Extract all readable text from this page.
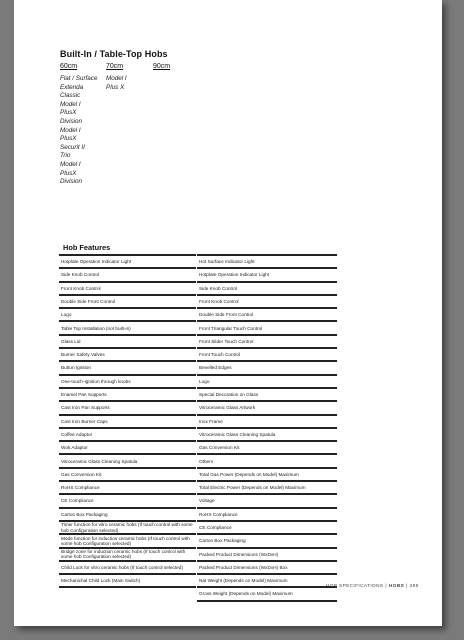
Built-In / Table-Top Hobs
60cm	70cm	90cm
Flat / Surface
Extenda
Classic
Model I
PlusX
Division
Model I
PlusX
Securit II
Trio
Model I
PlusX
Division
Model I
Plus X
Hob Features
Hotplate Operation Indicator Light
Side Knob Control
Front Knob Control
Double Side Front Control
Logo
Table Top Installation (not built-in)
Glass Lid
Burner Safety Valves
Button Ignition
One-touch-Ignition through knobs
Enamel Pan Supports
Cast Iron Pan Supports
Cast Iron Burner Caps
Coffee Adaptor
Wok Adaptor
Vitroceramic Glass Cleaning Spatula
Gas Conversion Kit
RoHS Compliance
CE Compliance
Carton Box Packaging
Timer function for vitro ceramic hobs (If touch control with some hob Configuration selected)
Mode function for induction ceramic hobs (If touch control with some hob Configuration selected)
Bridge zone for induction ceramic hobs (If touch control with some hob Configuration selected)
Child Lock for vitro ceramic hobs (If touch control selected)
Mechanichal Child Lock (Main Switch)
Hot Surface Indicator Light
Hotplate Operation Indicator Light
Side Knob Control
Front Knob Control
Double Side Front Control
Front Triangular Touch Control
Front Slider Touch Control
Front Touch Control
Bevelled Edges
Logo
Special Decoration on Glass
Vitroceramic Glass Artwork
Inox Frame
Vitroceramic Glass Cleaning Spatula
Gas Conversion Kit
Others
Total Gas Power (Depends on Model) Maximum
Total Electric Power (Depends on Model) Maximum
Voltage
RoHS Compliance
CE Compliance
Carton Box Packaging
Packed Product Dimensions (WxDxH)
Packed Product Dimensions (WxDxH) Box
Nat Weight (Depends on Model) Maximum
Gross Weight (Depends on Model) Maximum
HOB SPECIFICATIONS | HOBS | 285
